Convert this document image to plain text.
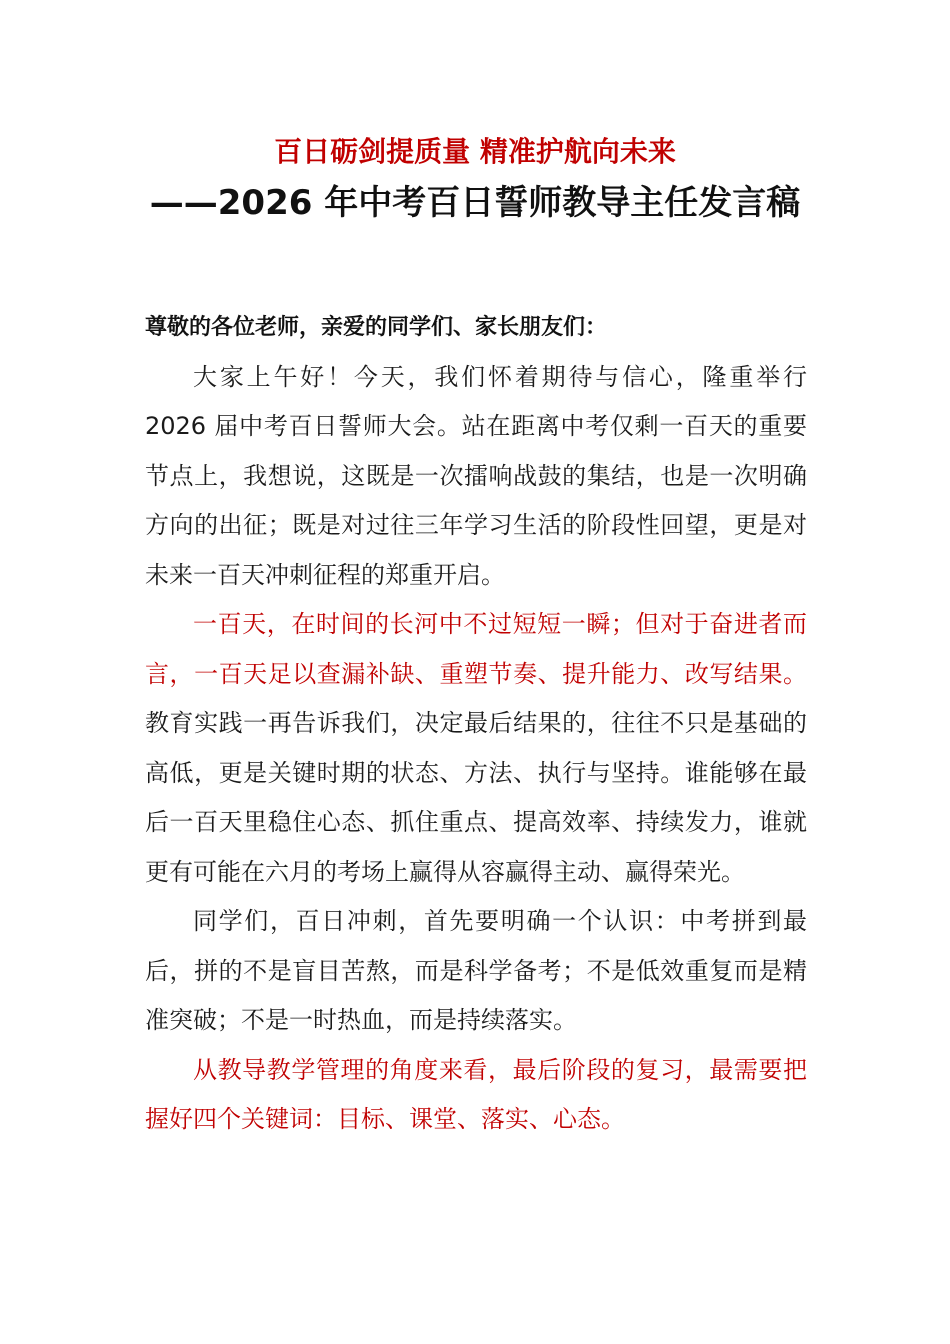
百日砺剑提质量 精准护航向未来
——2026 年中考百日誓师教导主任发言稿

尊敬的各位老师，亲爱的同学们、家长朋友们：

大家上午好！今天，我们怀着期待与信心，隆重举行 2026 届中考百日誓师大会。站在距离中考仅剩一百天的重要节点上，我想说，这既是一次擂响战鼓的集结，也是一次明确方向的出征；既是对过往三年学习生活的阶段性回望，更是对未来一百天冲刺征程的郑重开启。

一百天，在时间的长河中不过短短一瞬；但对于奋进者而言，一百天足以查漏补缺、重塑节奏、提升能力、改写结果。教育实践一再告诉我们，决定最后结果的，往往不只是基础的高低，更是关键时期的状态、方法、执行与坚持。谁能够在最后一百天里稳住心态、抓住重点、提高效率、持续发力，谁就更有可能在六月的考场上赢得从容赢得主动、赢得荣光。

同学们，百日冲刺，首先要明确一个认识：中考拼到最后，拼的不是盲目苦熬，而是科学备考；不是低效重复而是精准突破；不是一时热血，而是持续落实。

从教导教学管理的角度来看，最后阶段的复习，最需要把握好四个关键词：目标、课堂、落实、心态。
